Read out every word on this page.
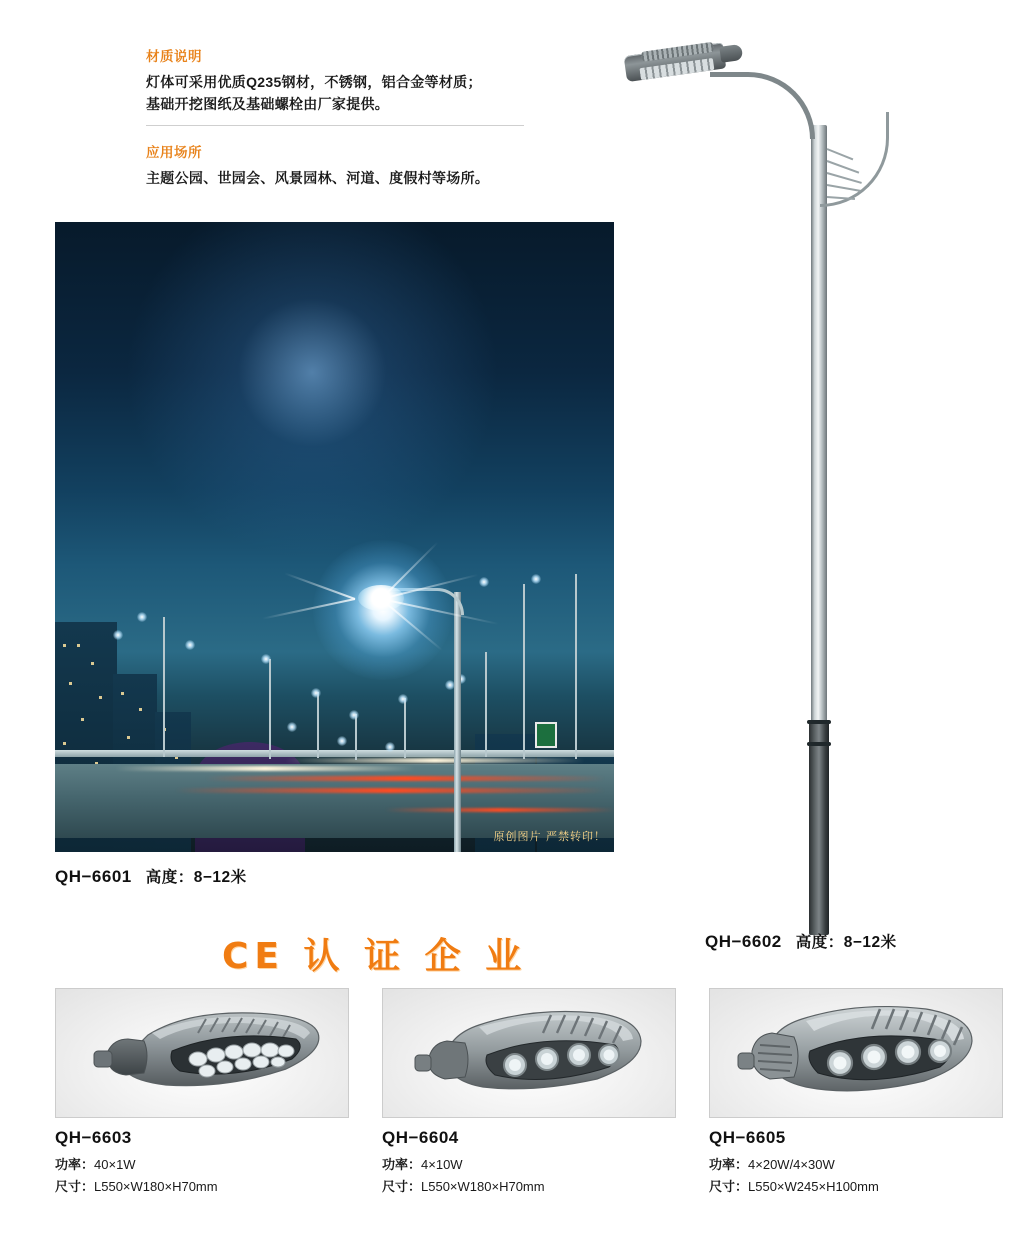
材质说明
灯体可采用优质Q235钢材，不锈钢，铝合金等材质；
基础开挖图纸及基础螺栓由厂家提供。
应用场所
主题公园、世园会、风景园林、河道、度假村等场所。
原创图片 严禁转印！
QH−6601 高度：8−12米
QH−6602 高度：8−12米
CE 认 证 企 业
QH−6603
功率：40×1W
尺寸：L550×W180×H70mm
QH−6604
功率：4×10W
尺寸：L550×W180×H70mm
QH−6605
功率：4×20W/4×30W
尺寸：L550×W245×H100mm
